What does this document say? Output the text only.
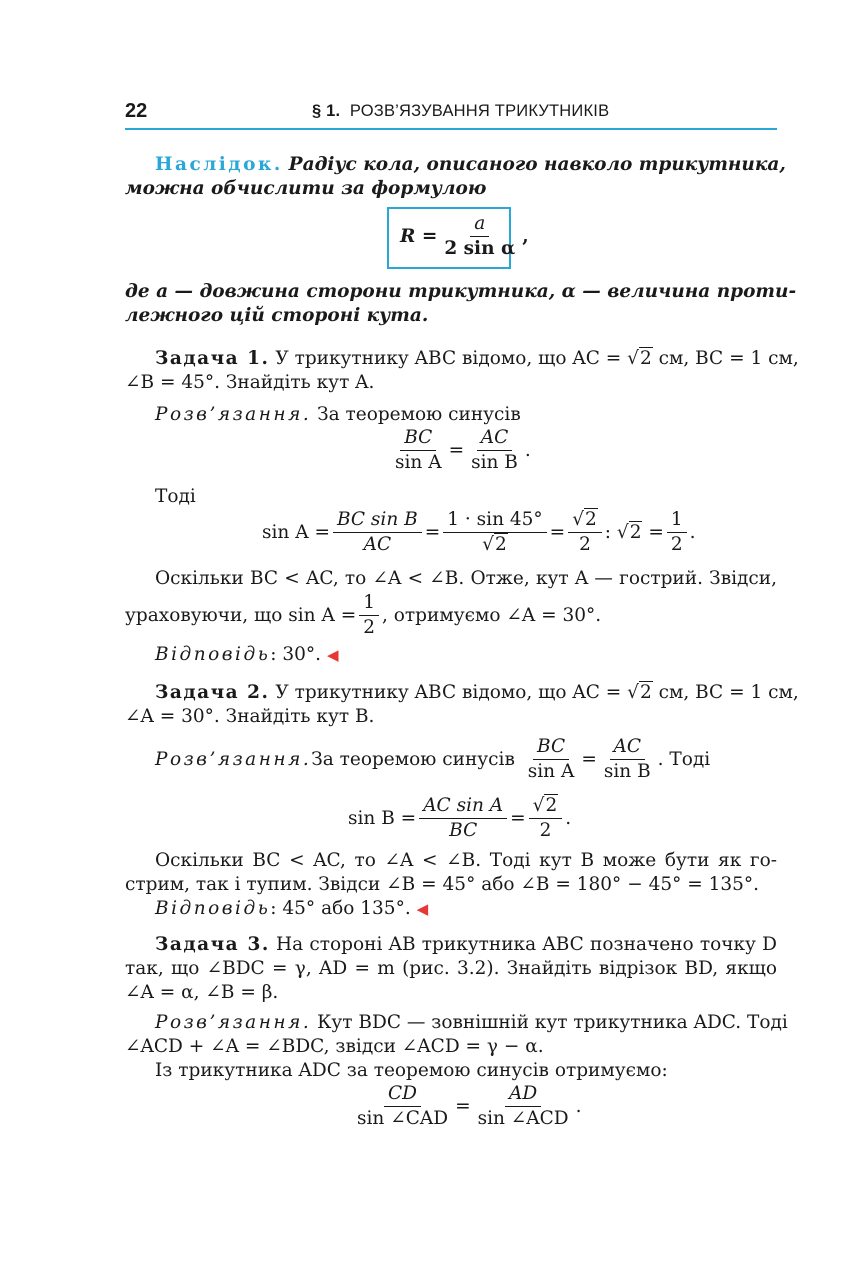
22	§ 1. РОЗВ’ЯЗУВАННЯ ТРИКУТНИКІВ
Наслідок. Радіус кола, описаного навколо трикутника,
можна обчислити за формулою
$R = \frac{a}{\text{2 sin α}}$ ,
де a — довжина сторони трикутника, α — величина проти-
лежного цій стороні кута.
Задача 1. У трикутнику ABC відомо, що AC = √2 см, BC = 1 см,
∠B = 45°. Знайдіть кут A.
Розв’язання. За теоремою синусів
$\frac{BC}{\text{sin A}} = \frac{AC}{\text{sin B}}$ .
Тоді
$\sin A = \frac{\text{BC sin B}}{AC} = \frac{1 \cdot \sin 45^\circ}{√2} = \frac{√2}{2}$ :
√2
= $\frac{1}{2}$ .
Оскільки BC < AC, то ∠A < ∠B. Отже, кут A — гострий. Звідси,
ураховуючи, що $\sin A = \frac{1}{2}$ , отримуємо ∠A = 30°.
Відповідь: 30°. ◀
Задача 2. У трикутнику ABC відомо, що AC = √2 см, BC = 1 см,
∠A = 30°. Знайдіть кут B.
Розв’язання. За теоремою синусів
$\frac{BC}{\text{sin A}} = \frac{AC}{\text{sin B}}$ . Тоді
$\sin B = \frac{\text{AC sin A}}{BC} = \frac{√2}{2}$ .
Оскільки BC < AC, то ∠A < ∠B. Тоді кут B може бути як го-
стрим, так і тупим. Звідси ∠B = 45° або ∠B = 180° − 45° = 135°.
Відповідь: 45° або 135°. ◀
Задача 3. На стороні AB трикутника ABC позначено точку D
так, що ∠BDC = γ, AD = m (рис. 3.2). Знайдіть відрізок BD, якщо
∠A = α, ∠B = β.
Розв’язання. Кут BDC — зовнішній кут трикутника ADC. Тоді
∠ACD + ∠A = ∠BDC, звідси ∠ACD = γ − α.
Із трикутника ADC за теоремою синусів отримуємо:
$\frac{CD}{\text{sin ∠CAD}} = \frac{AD}{\text{sin ∠ACD}}$ .
